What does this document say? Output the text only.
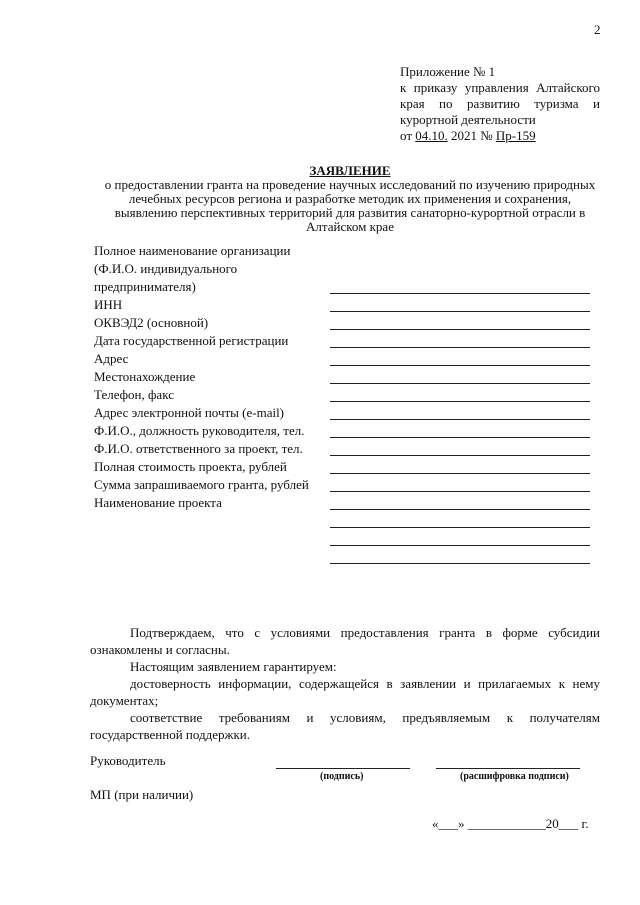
2
Приложение № 1
к приказу управления Алтайского
края по развитию туризма и
курортной деятельности
от 04.10. 2021 № Пр-159
ЗАЯВЛЕНИЕ
о предоставлении гранта на проведение научных исследований по изучению природных лечебных ресурсов региона и разработке методик их применения и сохранения, выявлению перспективных территорий для развития санаторно-курортной отрасли в Алтайском крае
Полное наименование организации
(Ф.И.О. индивидуального
предпринимателя)
ИНН
ОКВЭД2 (основной)
Дата государственной регистрации
Адрес
Местонахождение
Телефон, факс
Адрес электронной почты (e-mail)
Ф.И.О., должность руководителя, тел.
Ф.И.О. ответственного за проект, тел.
Полная стоимость проекта, рублей
Сумма запрашиваемого гранта, рублей
Наименование проекта

Подтверждаем, что с условиями предоставления гранта в форме субсидии ознакомлены и согласны.

Настоящим заявлением гарантируем:

достоверность информации, содержащейся в заявлении и прилагаемых к нему документах;

соответствие требованиям и условиям, предъявляемым к получателям государственной поддержки.

Руководитель
(подпись)	(расшифровка подписи)
МП (при наличии)
«___» ____________20___ г.
